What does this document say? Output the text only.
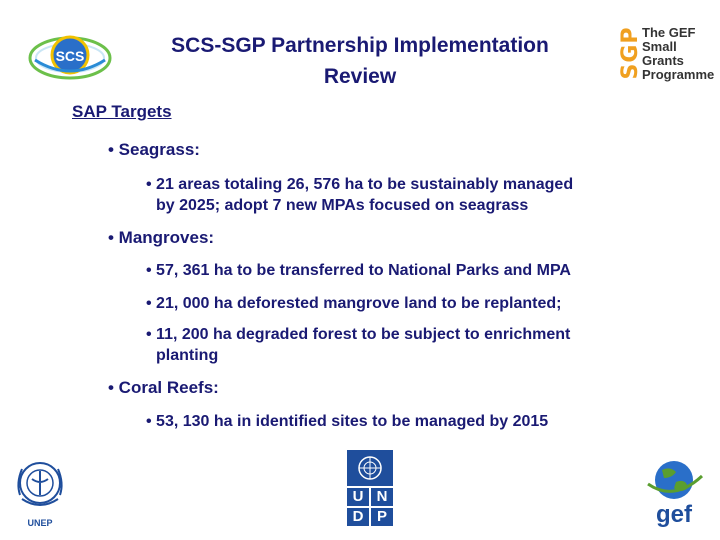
SCS	SCS-SGP Partnership Implementation
Review	SGP The GEF
Small Grants
Programme
SAP Targets
• Seagrass:
• 21 areas totaling 26, 576 ha to be sustainably managed
by 2025; adopt 7 new MPAs focused on seagrass
• Mangroves:
• 57, 361 ha to be transferred to National Parks and MPA
• 21, 000 ha deforested mangrove land to be replanted;
• 11, 200 ha degraded forest to be subject to enrichment
planting
• Coral Reefs:
• 53, 130 ha in identified sites to be managed by 2015
UNEP
U N
D P	gef
